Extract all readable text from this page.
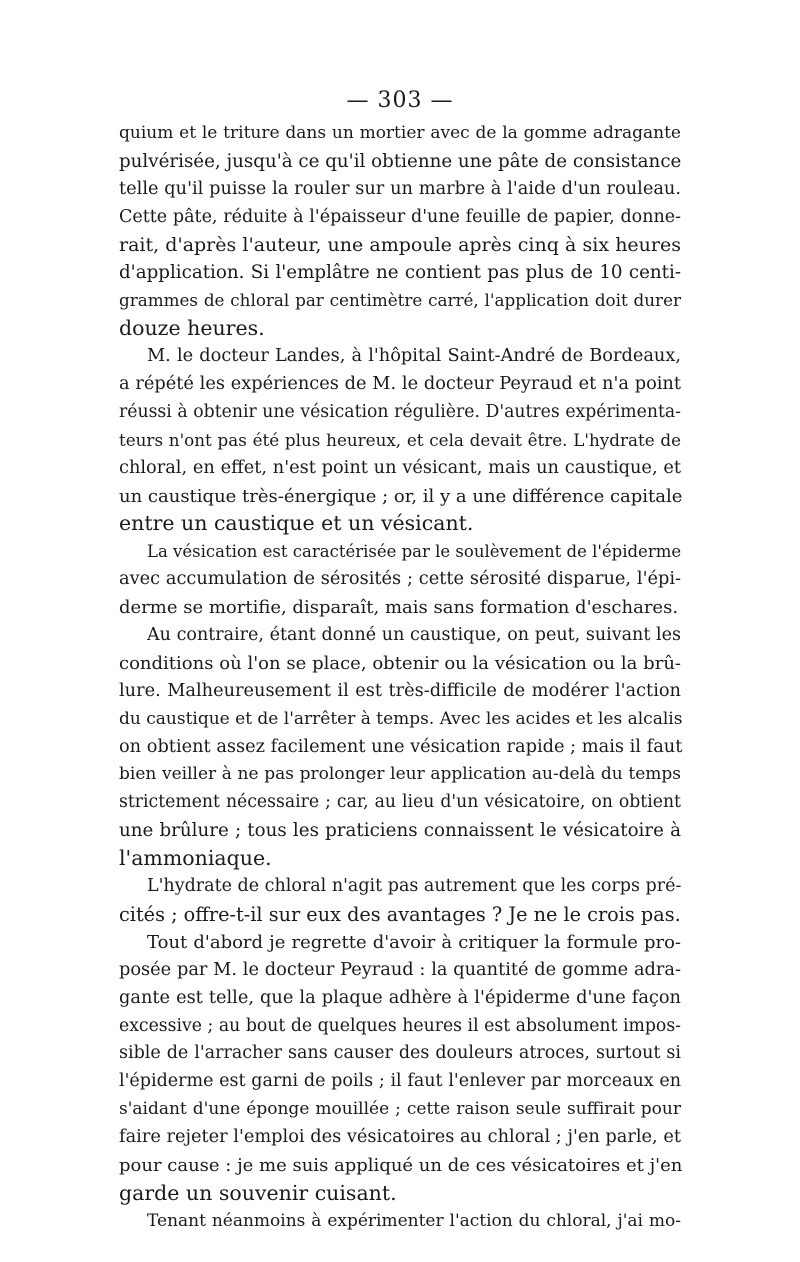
— 303 —
quium et le triture dans un mortier avec de la gomme adragante
pulvérisée, jusqu'à ce qu'il obtienne une pâte de consistance
telle qu'il puisse la rouler sur un marbre à l'aide d'un rouleau.
Cette pâte, réduite à l'épaisseur d'une feuille de papier, donne-
rait, d'après l'auteur, une ampoule après cinq à six heures
d'application. Si l'emplâtre ne contient pas plus de 10 centi-
grammes de chloral par centimètre carré, l'application doit durer
douze heures.
M. le docteur Landes, à l'hôpital Saint-André de Bordeaux,
a répété les expériences de M. le docteur Peyraud et n'a point
réussi à obtenir une vésication régulière. D'autres expérimenta-
teurs n'ont pas été plus heureux, et cela devait être. L'hydrate de
chloral, en effet, n'est point un vésicant, mais un caustique, et
un caustique très-énergique ; or, il y a une différence capitale
entre un caustique et un vésicant.
La vésication est caractérisée par le soulèvement de l'épiderme
avec accumulation de sérosités ; cette sérosité disparue, l'épi-
derme se mortifie, disparaît, mais sans formation d'eschares.
Au contraire, étant donné un caustique, on peut, suivant les
conditions où l'on se place, obtenir ou la vésication ou la brû-
lure. Malheureusement il est très-difficile de modérer l'action
du caustique et de l'arrêter à temps. Avec les acides et les alcalis
on obtient assez facilement une vésication rapide ; mais il faut
bien veiller à ne pas prolonger leur application au-delà du temps
strictement nécessaire ; car, au lieu d'un vésicatoire, on obtient
une brûlure ; tous les praticiens connaissent le vésicatoire à
l'ammoniaque.
L'hydrate de chloral n'agit pas autrement que les corps pré-
cités ; offre-t-il sur eux des avantages ? Je ne le crois pas.
Tout d'abord je regrette d'avoir à critiquer la formule pro-
posée par M. le docteur Peyraud : la quantité de gomme adra-
gante est telle, que la plaque adhère à l'épiderme d'une façon
excessive ; au bout de quelques heures il est absolument impos-
sible de l'arracher sans causer des douleurs atroces, surtout si
l'épiderme est garni de poils ; il faut l'enlever par morceaux en
s'aidant d'une éponge mouillée ; cette raison seule suffirait pour
faire rejeter l'emploi des vésicatoires au chloral ; j'en parle, et
pour cause : je me suis appliqué un de ces vésicatoires et j'en
garde un souvenir cuisant.
Tenant néanmoins à expérimenter l'action du chloral, j'ai mo-
